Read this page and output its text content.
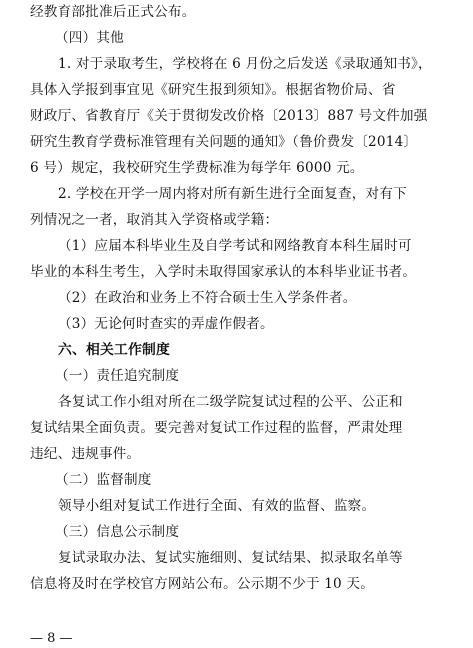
经教育部批准后正式公布。
（四）其他
1. 对于录取考生，学校将在 6 月份之后发送《录取通知书》，
具体入学报到事宜见《研究生报到须知》。根据省物价局、省
财政厅、省教育厅《关于贯彻发改价格〔2013〕887 号文件加强
研究生教育学费标准管理有关问题的通知》（鲁价费发〔2014〕
6 号）规定，我校研究生学费标准为每学年 6000 元。
2. 学校在开学一周内将对所有新生进行全面复查，对有下
列情况之一者，取消其入学资格或学籍：
（1）应届本科毕业生及自学考试和网络教育本科生届时可
毕业的本科生考生，入学时未取得国家承认的本科毕业证书者。
（2）在政治和业务上不符合硕士生入学条件者。
（3）无论何时查实的弄虚作假者。
六、相关工作制度
（一）责任追究制度
各复试工作小组对所在二级学院复试过程的公平、公正和
复试结果全面负责。要完善对复试工作过程的监督，严肃处理
违纪、违规事件。
（二）监督制度
领导小组对复试工作进行全面、有效的监督、监察。
（三）信息公示制度
复试录取办法、复试实施细则、复试结果、拟录取名单等
信息将及时在学校官方网站公布。公示期不少于 10 天。
— 8 —
